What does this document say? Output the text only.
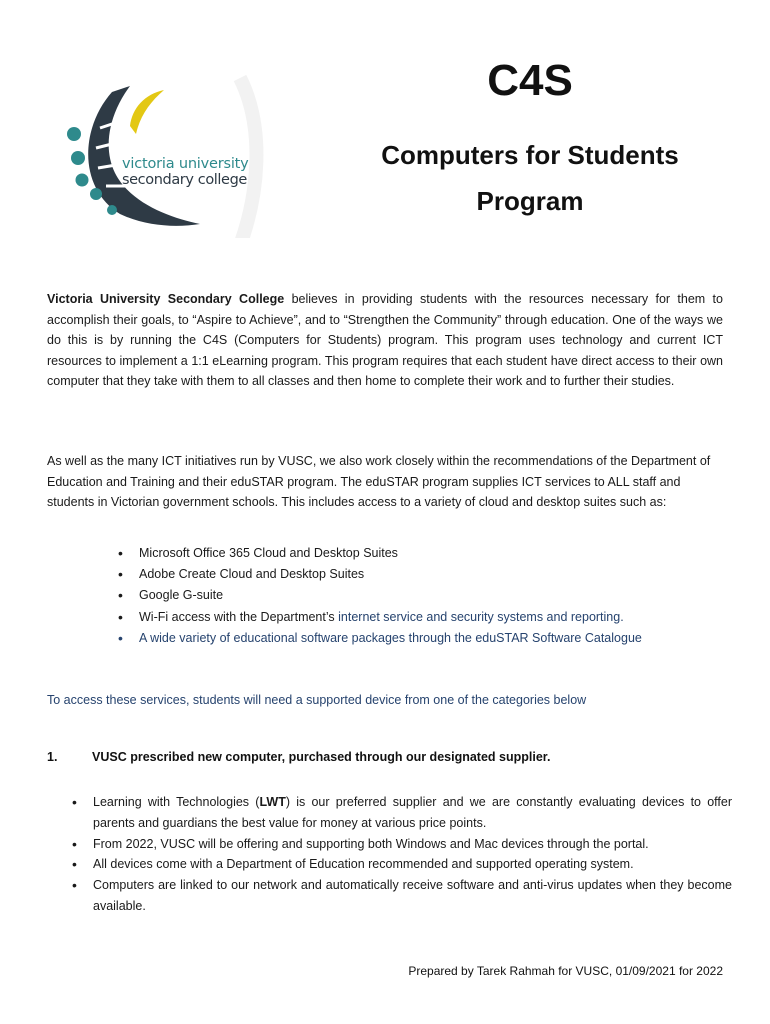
victoria university
secondary college
C4S
Computers for Students
Program

Victoria University Secondary College believes in providing students with the resources necessary for them to accomplish their goals, to “Aspire to Achieve”, and to “Strengthen the Community” through education. One of the ways we do this is by running the C4S (Computers for Students) program. This program uses technology and current ICT resources to implement a 1:1 eLearning program. This program requires that each student have direct access to their own computer that they take with them to all classes and then home to complete their work and to further their studies.

As well as the many ICT initiatives run by VUSC, we also work closely within the recommendations of the Department of Education and Training and their eduSTAR program. The eduSTAR program supplies ICT services to ALL staff and students in Victorian government schools. This includes access to a variety of cloud and desktop suites such as:

• Microsoft Office 365 Cloud and Desktop Suites
• Adobe Create Cloud and Desktop Suites
• Google G-suite
• Wi-Fi access with the Department’s internet service and security systems and reporting.
• A wide variety of educational software packages through the eduSTAR Software Catalogue

To access these services, students will need a supported device from one of the categories below

1.	VUSC prescribed new computer, purchased through our designated supplier.
• Learning with Technologies (LWT) is our preferred supplier and we are constantly evaluating devices to offer parents and guardians the best value for money at various price points.
• From 2022, VUSC will be offering and supporting both Windows and Mac devices through the portal.
• All devices come with a Department of Education recommended and supported operating system.
• Computers are linked to our network and automatically receive software and anti-virus updates when they become available.
Prepared by Tarek Rahmah for VUSC, 01/09/2021 for 2022
